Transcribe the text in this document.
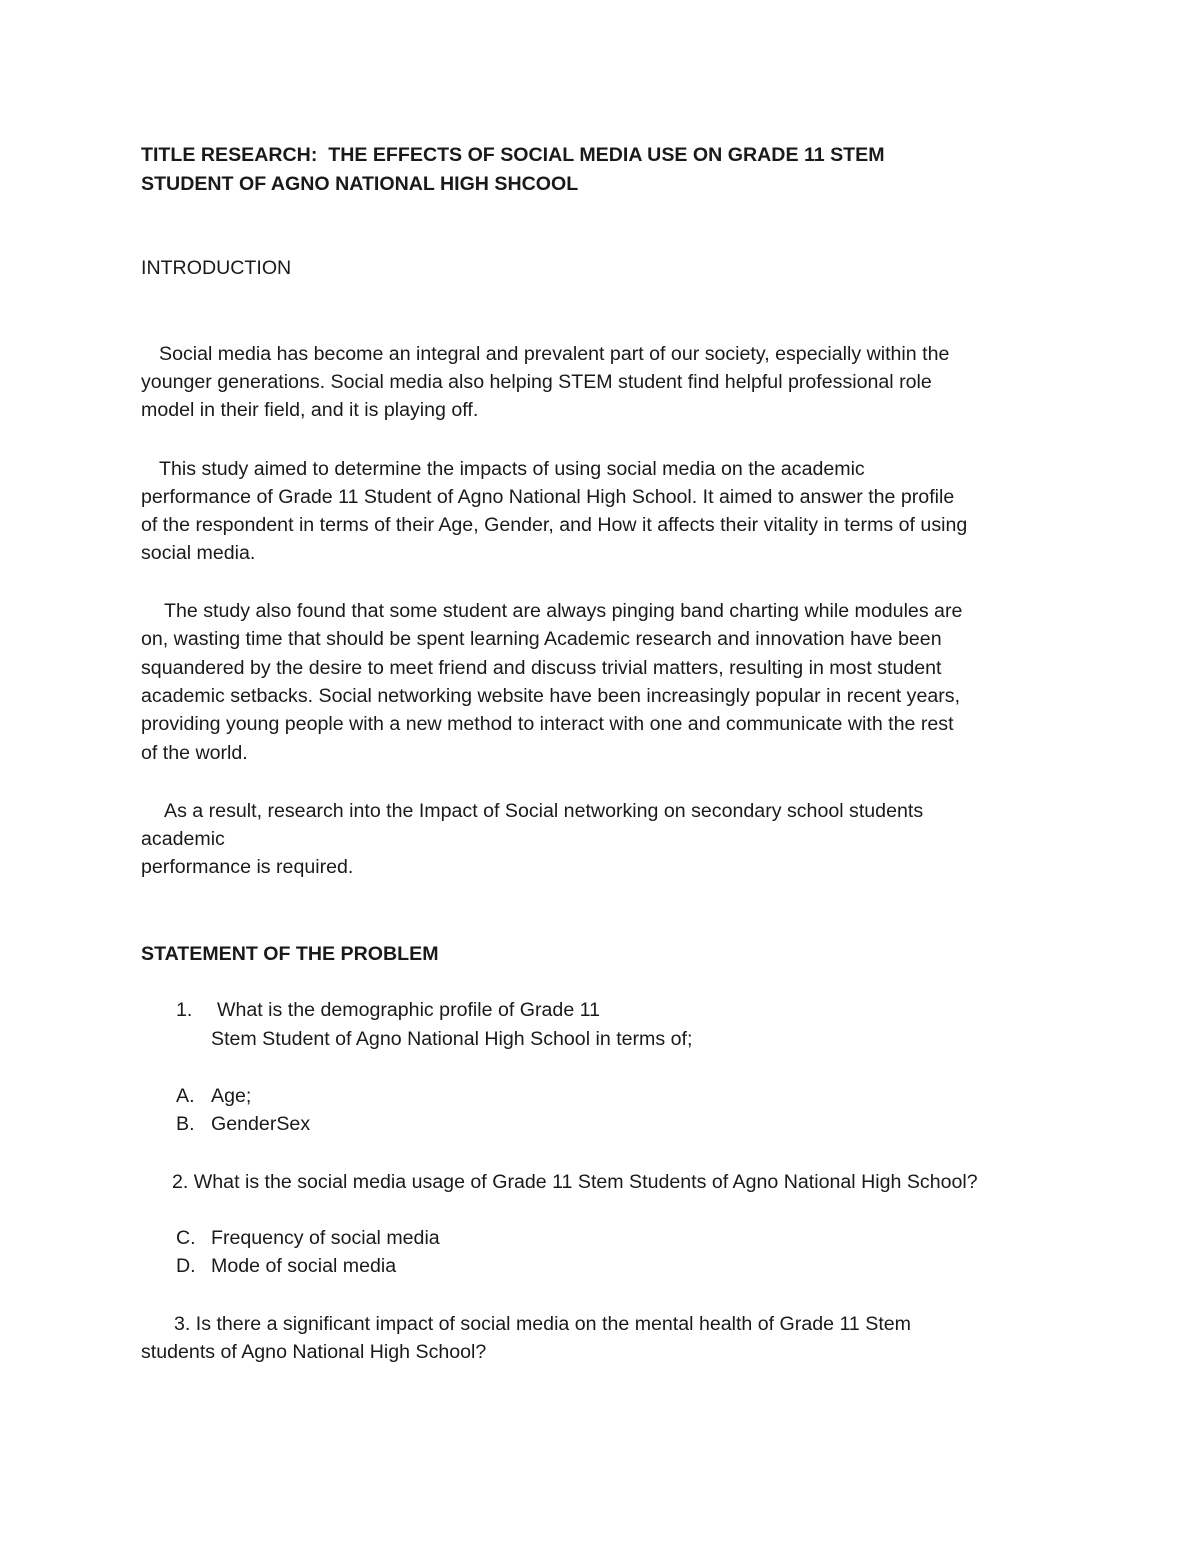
TITLE RESEARCH:  THE EFFECTS OF SOCIAL MEDIA USE ON GRADE 11 STEM

STUDENT OF AGNO NATIONAL HIGH SHCOOL

INTRODUCTION

Social media has become an integral and prevalent part of our society, especially within the

younger generations. Social media also helping STEM student find helpful professional role

model in their field, and it is playing off.

This study aimed to determine the impacts of using social media on the academic

performance of Grade 11 Student of Agno National High School. It aimed to answer the profile

of the respondent in terms of their Age, Gender, and How it affects their vitality in terms of using

social media.

The study also found that some student are always pinging band charting while modules are

on, wasting time that should be spent learning Academic research and innovation have been

squandered by the desire to meet friend and discuss trivial matters, resulting in most student

academic setbacks. Social networking website have been increasingly popular in recent years,

providing young people with a new method to interact with one and communicate with the rest

of the world.

As a result, research into the Impact of Social networking on secondary school students

academic

performance is required.

STATEMENT OF THE PROBLEM

1. What is the demographic profile of Grade 11

Stem Student of Agno National High School in terms of;

A. Age;

B. GenderSex

2. What is the social media usage of Grade 11 Stem Students of Agno National High School?

C. Frequency of social media

D. Mode of social media

3. Is there a significant impact of social media on the mental health of Grade 11 Stem

students of Agno National High School?
